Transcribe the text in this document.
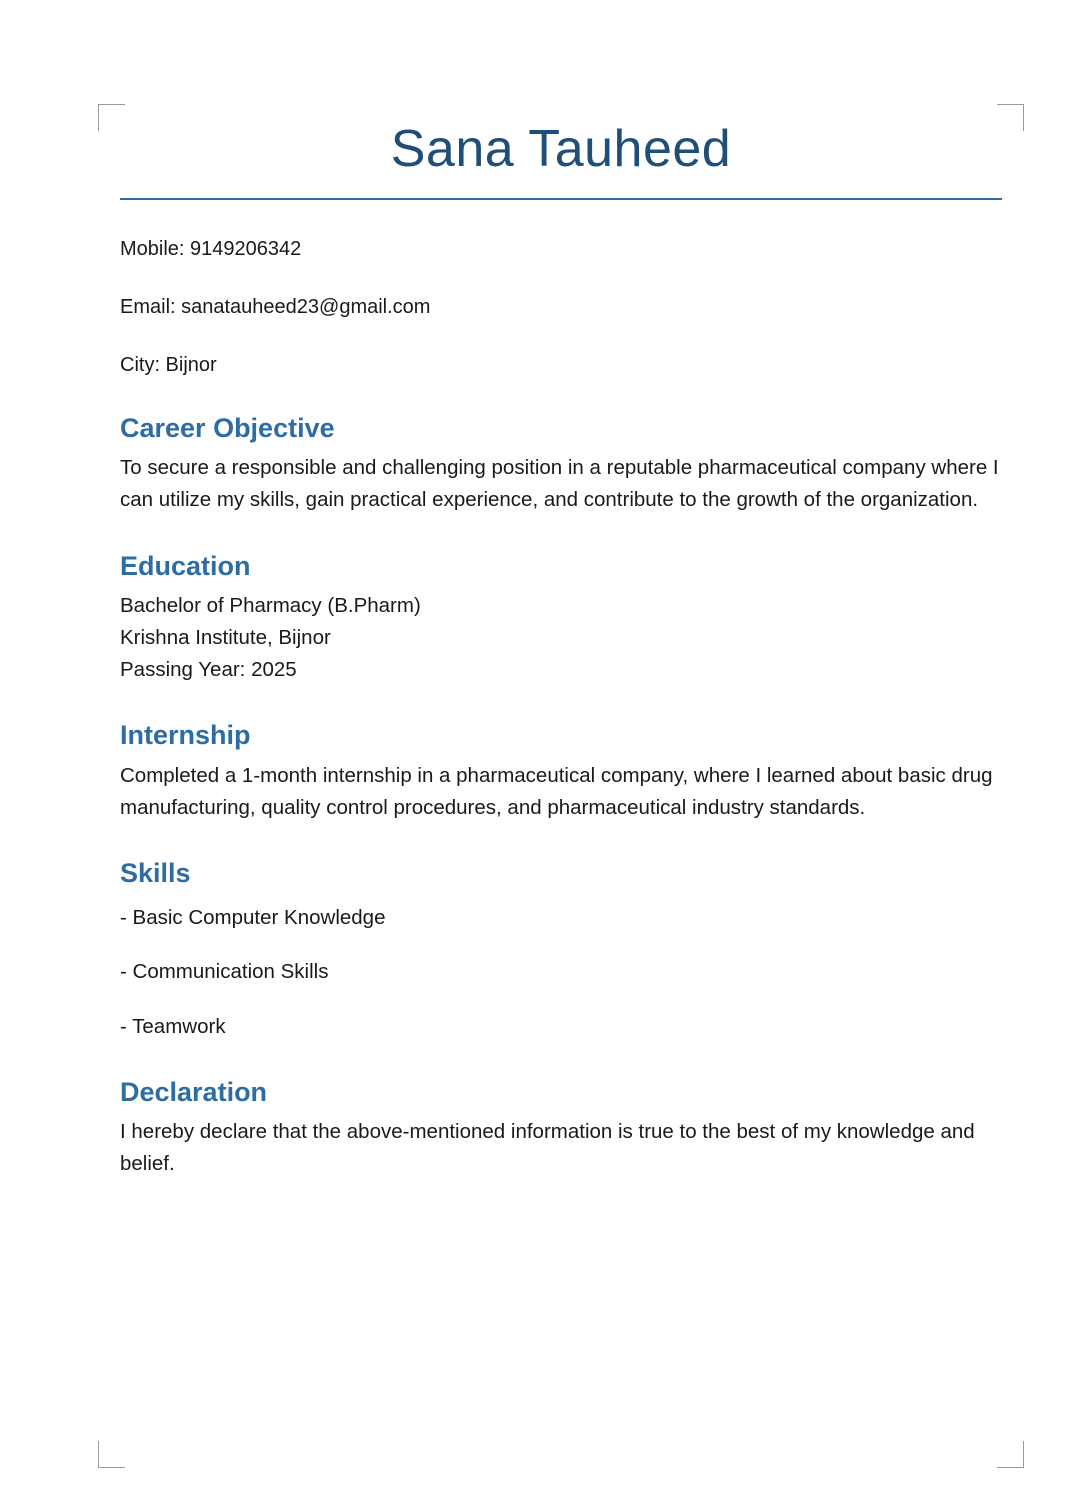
Sana Tauheed

Mobile: 9149206342

Email: sanatauheed23@gmail.com

City: Bijnor

Career Objective

To secure a responsible and challenging position in a reputable pharmaceutical company where I can utilize my skills, gain practical experience, and contribute to the growth of the organization.

Education

Bachelor of Pharmacy (B.Pharm)
Krishna Institute, Bijnor
Passing Year: 2025

Internship

Completed a 1-month internship in a pharmaceutical company, where I learned about basic drug manufacturing, quality control procedures, and pharmaceutical industry standards.

Skills

- Basic Computer Knowledge

- Communication Skills

- Teamwork

Declaration

I hereby declare that the above-mentioned information is true to the best of my knowledge and belief.
